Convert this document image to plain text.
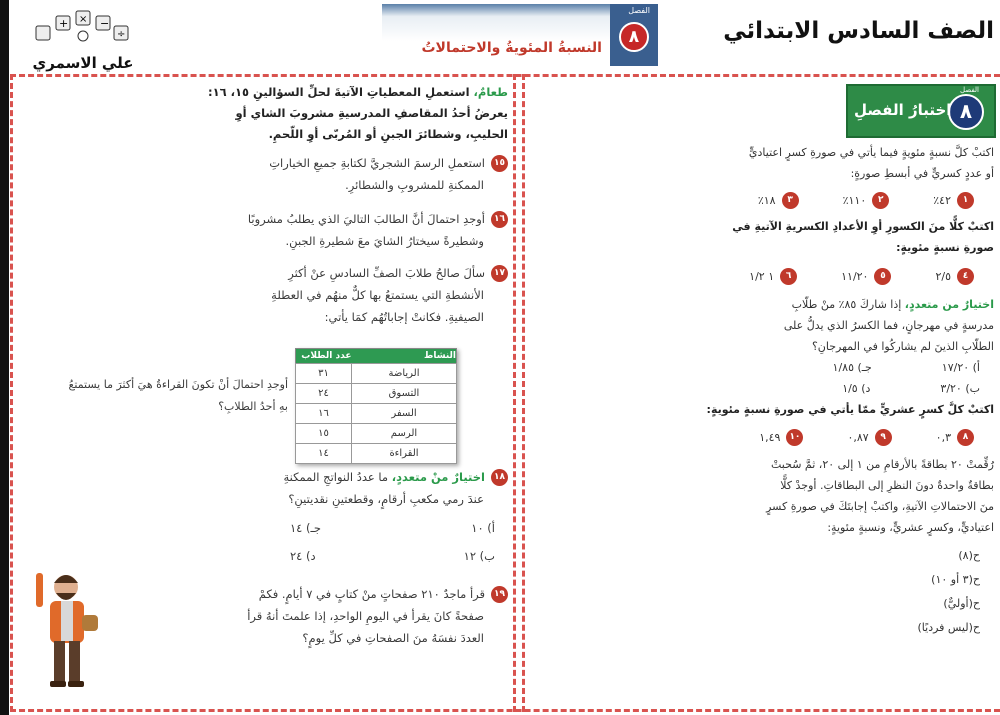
+ × −
÷
علي الاسمري
الفصل
٨
النسبةُ المئويةُ والاحتمالاتُ
الصف السادس الابتدائي
طعامٌ، استعملِ المعطياتِ الآتيةَ لحلِّ السؤالينِ ١٥، ١٦:
يعرضُ أحدُ المقاصفِ المدرسيةِ مشروبَ الشاي أوِ
الحليبِ، وشطائرَ الجبنِ أو المُربّى أوِ اللّحمِ.
١٥استعملِ الرسمَ الشجريَّ لكتابةِ جميعِ الخياراتِ
الممكنةِ للمشروبِ والشطائرِ.
١٦أوجدِ احتمالَ أنَّ الطالبَ التاليَ الذي يطلبُ مشروبًا
وشطيرةً سيختارُ الشايَ معَ شطيرةِ الجبنِ.
١٧سألَ صالحُ طلابَ الصفِّ السادسِ عنْ أكثرِ
الأنشطةِ التي يستمتعُ بها كلٌّ منهُم في العطلةِ
الصيفيةِ. فكانتْ إجاباتُهُم كمَا يأتي:
النشاط	عدد الطلاب
الرياضة	٣١
التسوق	٢٤
السفر	١٦
الرسم	١٥
القراءة	١٤
أوجدِ احتمالَ أنْ تكونَ القراءةُ هيَ أكثرَ ما يستمتعُ
بهِ أحدُ الطلابِ؟
١٨اختيارٌ منْ متعددٍ، ما عددُ النواتجِ الممكنةِ
عندَ رمي مكعبِ أرقامٍ، وقطعتينِ نقديتينِ؟
أ) ١٠
جـ) ١٤
ب) ١٢
د) ٢٤
١٩قرأ ماجدٌ ٢١٠ صفحاتٍ منْ كتابٍ في ٧ أيامٍ. فكمْ
صفحةً كانَ يقرأ في اليومِ الواحدِ، إذا علمتَ أنهُ قرأ
العددَ نفسَهُ منَ الصفحاتِ في كلِّ يومٍ؟
٨
الفصل
اختبارُ الفصلِ
اكتبْ كلَّ نسبةٍ مئويةٍ فيما يأتي في صورةِ كسرٍ اعتياديٍّ
أو عددٍ كسريٍّ في أبسطِ صورةٍ:
١٤٢٪
٢١١٠٪
٣١٨٪
اكتبْ كلًّا منَ الكسورِ أوِ الأعدادِ الكسريةِ الآتيةِ في
صورةِ نسبةٍ مئويةٍ:
٤٢/٥
٥١١/٢٠
٦١ ١/٢
اختيارٌ من متعددٍ، إذا شاركَ ٨٥٪ منْ طلّابِ
مدرسةٍ في مهرجانٍ، فما الكسرُ الذي يدلُّ على
الطلّابِ الذينَ لم يشاركُوا في المهرجانِ؟
أ) ١٧/٢٠
جـ) ١/٨٥
ب) ٣/٢٠
د) ١/٥
اكتبْ كلَّ كسرٍ عشريٍّ ممّا يأتي في صورةِ نسبةٍ مئويةٍ:
٨٠,٣
٩٠,٨٧
١٠١,٤٩
رُقِّمتْ ٢٠ بطاقةً بالأرقامِ من ١ إلى ٢٠، ثمَّ سُحبتْ
بطاقةٌ واحدةٌ دونَ النظرِ إلى البطاقاتِ. أوجدْ كلًّا
منَ الاحتمالاتِ الآتيةِ، واكتبْ إجابتَكَ في صورةِ كسرٍ
اعتياديٍّ، وكسرٍ عشريٍّ، ونسبةٍ مئويةٍ:
ح(٨)
ح(٣ أو ١٠)
ح(أوليٌّ)
ح(ليس فرديًا)
